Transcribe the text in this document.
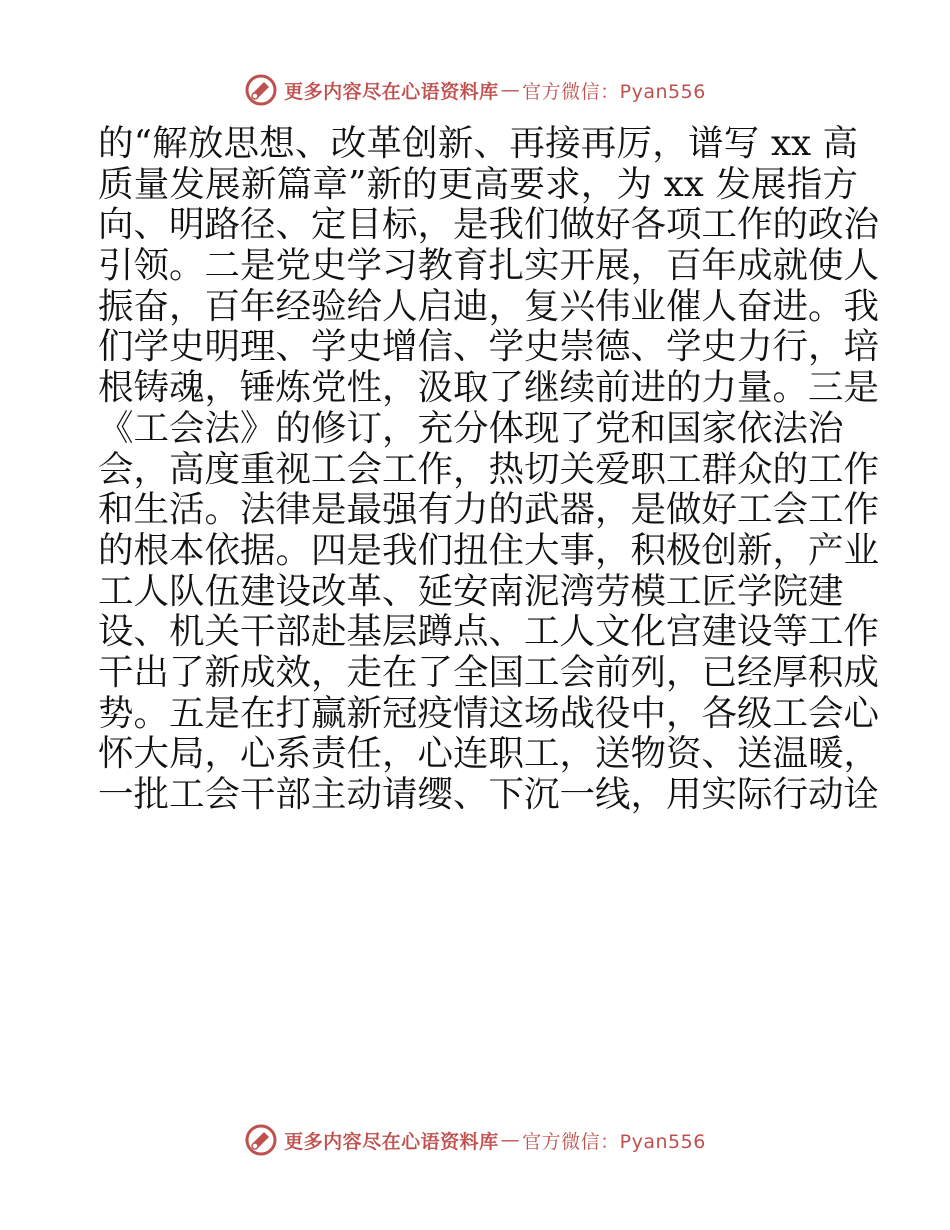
更多内容尽在心语资料库 — 官方微信：Pyan556
的“解放思想、改革创新、再接再厉，谱写 xx 高
质量发展新篇章”新的更高要求，为 xx 发展指方
向、明路径、定目标，是我们做好各项工作的政治
引领。二是党史学习教育扎实开展，百年成就使人
振奋，百年经验给人启迪，复兴伟业催人奋进。我
们学史明理、学史增信、学史崇德、学史力行，培
根铸魂，锤炼党性，汲取了继续前进的力量。三是
《工会法》的修订，充分体现了党和国家依法治
会，高度重视工会工作，热切关爱职工群众的工作
和生活。法律是最强有力的武器，是做好工会工作
的根本依据。四是我们扭住大事，积极创新，产业
工人队伍建设改革、延安南泥湾劳模工匠学院建
设、机关干部赴基层蹲点、工人文化宫建设等工作
干出了新成效，走在了全国工会前列，已经厚积成
势。五是在打赢新冠疫情这场战役中，各级工会心
怀大局，心系责任，心连职工，送物资、送温暖，
一批工会干部主动请缨、下沉一线，用实际行动诠
更多内容尽在心语资料库 — 官方微信：Pyan556
